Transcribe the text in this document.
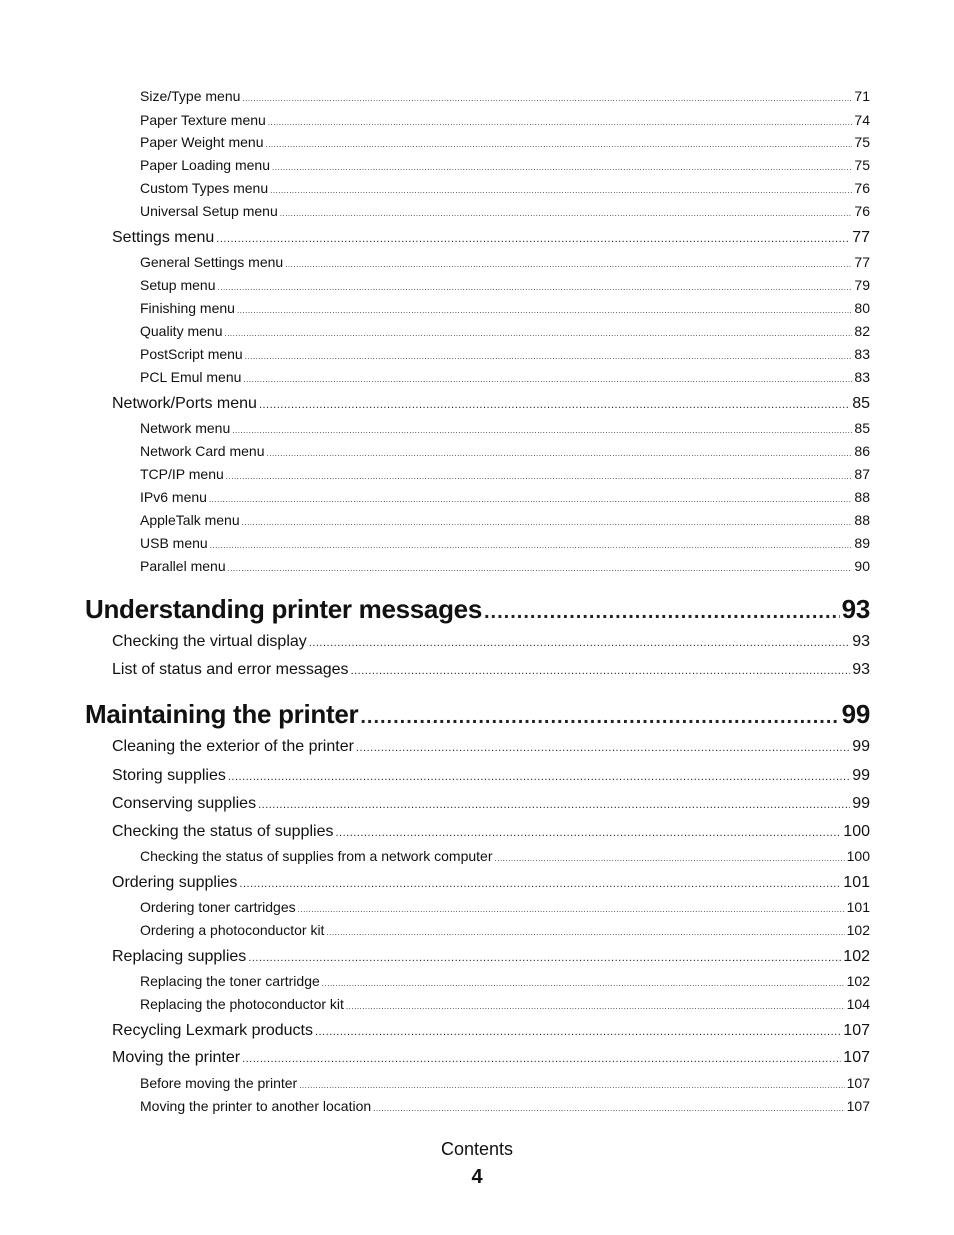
Size/Type menu .....	71
Paper Texture menu .....	74
Paper Weight menu .....	75
Paper Loading menu .....	75
Custom Types menu .....	76
Universal Setup menu .....	76
Settings menu .....	77
General Settings menu .....	77
Setup menu .....	79
Finishing menu .....	80
Quality menu .....	82
PostScript menu .....	83
PCL Emul menu .....	83
Network/Ports menu .....	85
Network menu .....	85
Network Card menu .....	86
TCP/IP menu .....	87
IPv6 menu .....	88
AppleTalk menu .....	88
USB menu .....	89
Parallel menu .....	90
Understanding printer messages .....	93
Checking the virtual display .....	93
List of status and error messages .....	93
Maintaining the printer .....	99
Cleaning the exterior of the printer .....	99
Storing supplies .....	99
Conserving supplies .....	99
Checking the status of supplies .....	100
Checking the status of supplies from a network computer .....	100
Ordering supplies .....	101
Ordering toner cartridges .....	101
Ordering a photoconductor kit .....	102
Replacing supplies .....	102
Replacing the toner cartridge .....	102
Replacing the photoconductor kit .....	104
Recycling Lexmark products .....	107
Moving the printer .....	107
Before moving the printer .....	107
Moving the printer to another location .....	107
Contents
4
